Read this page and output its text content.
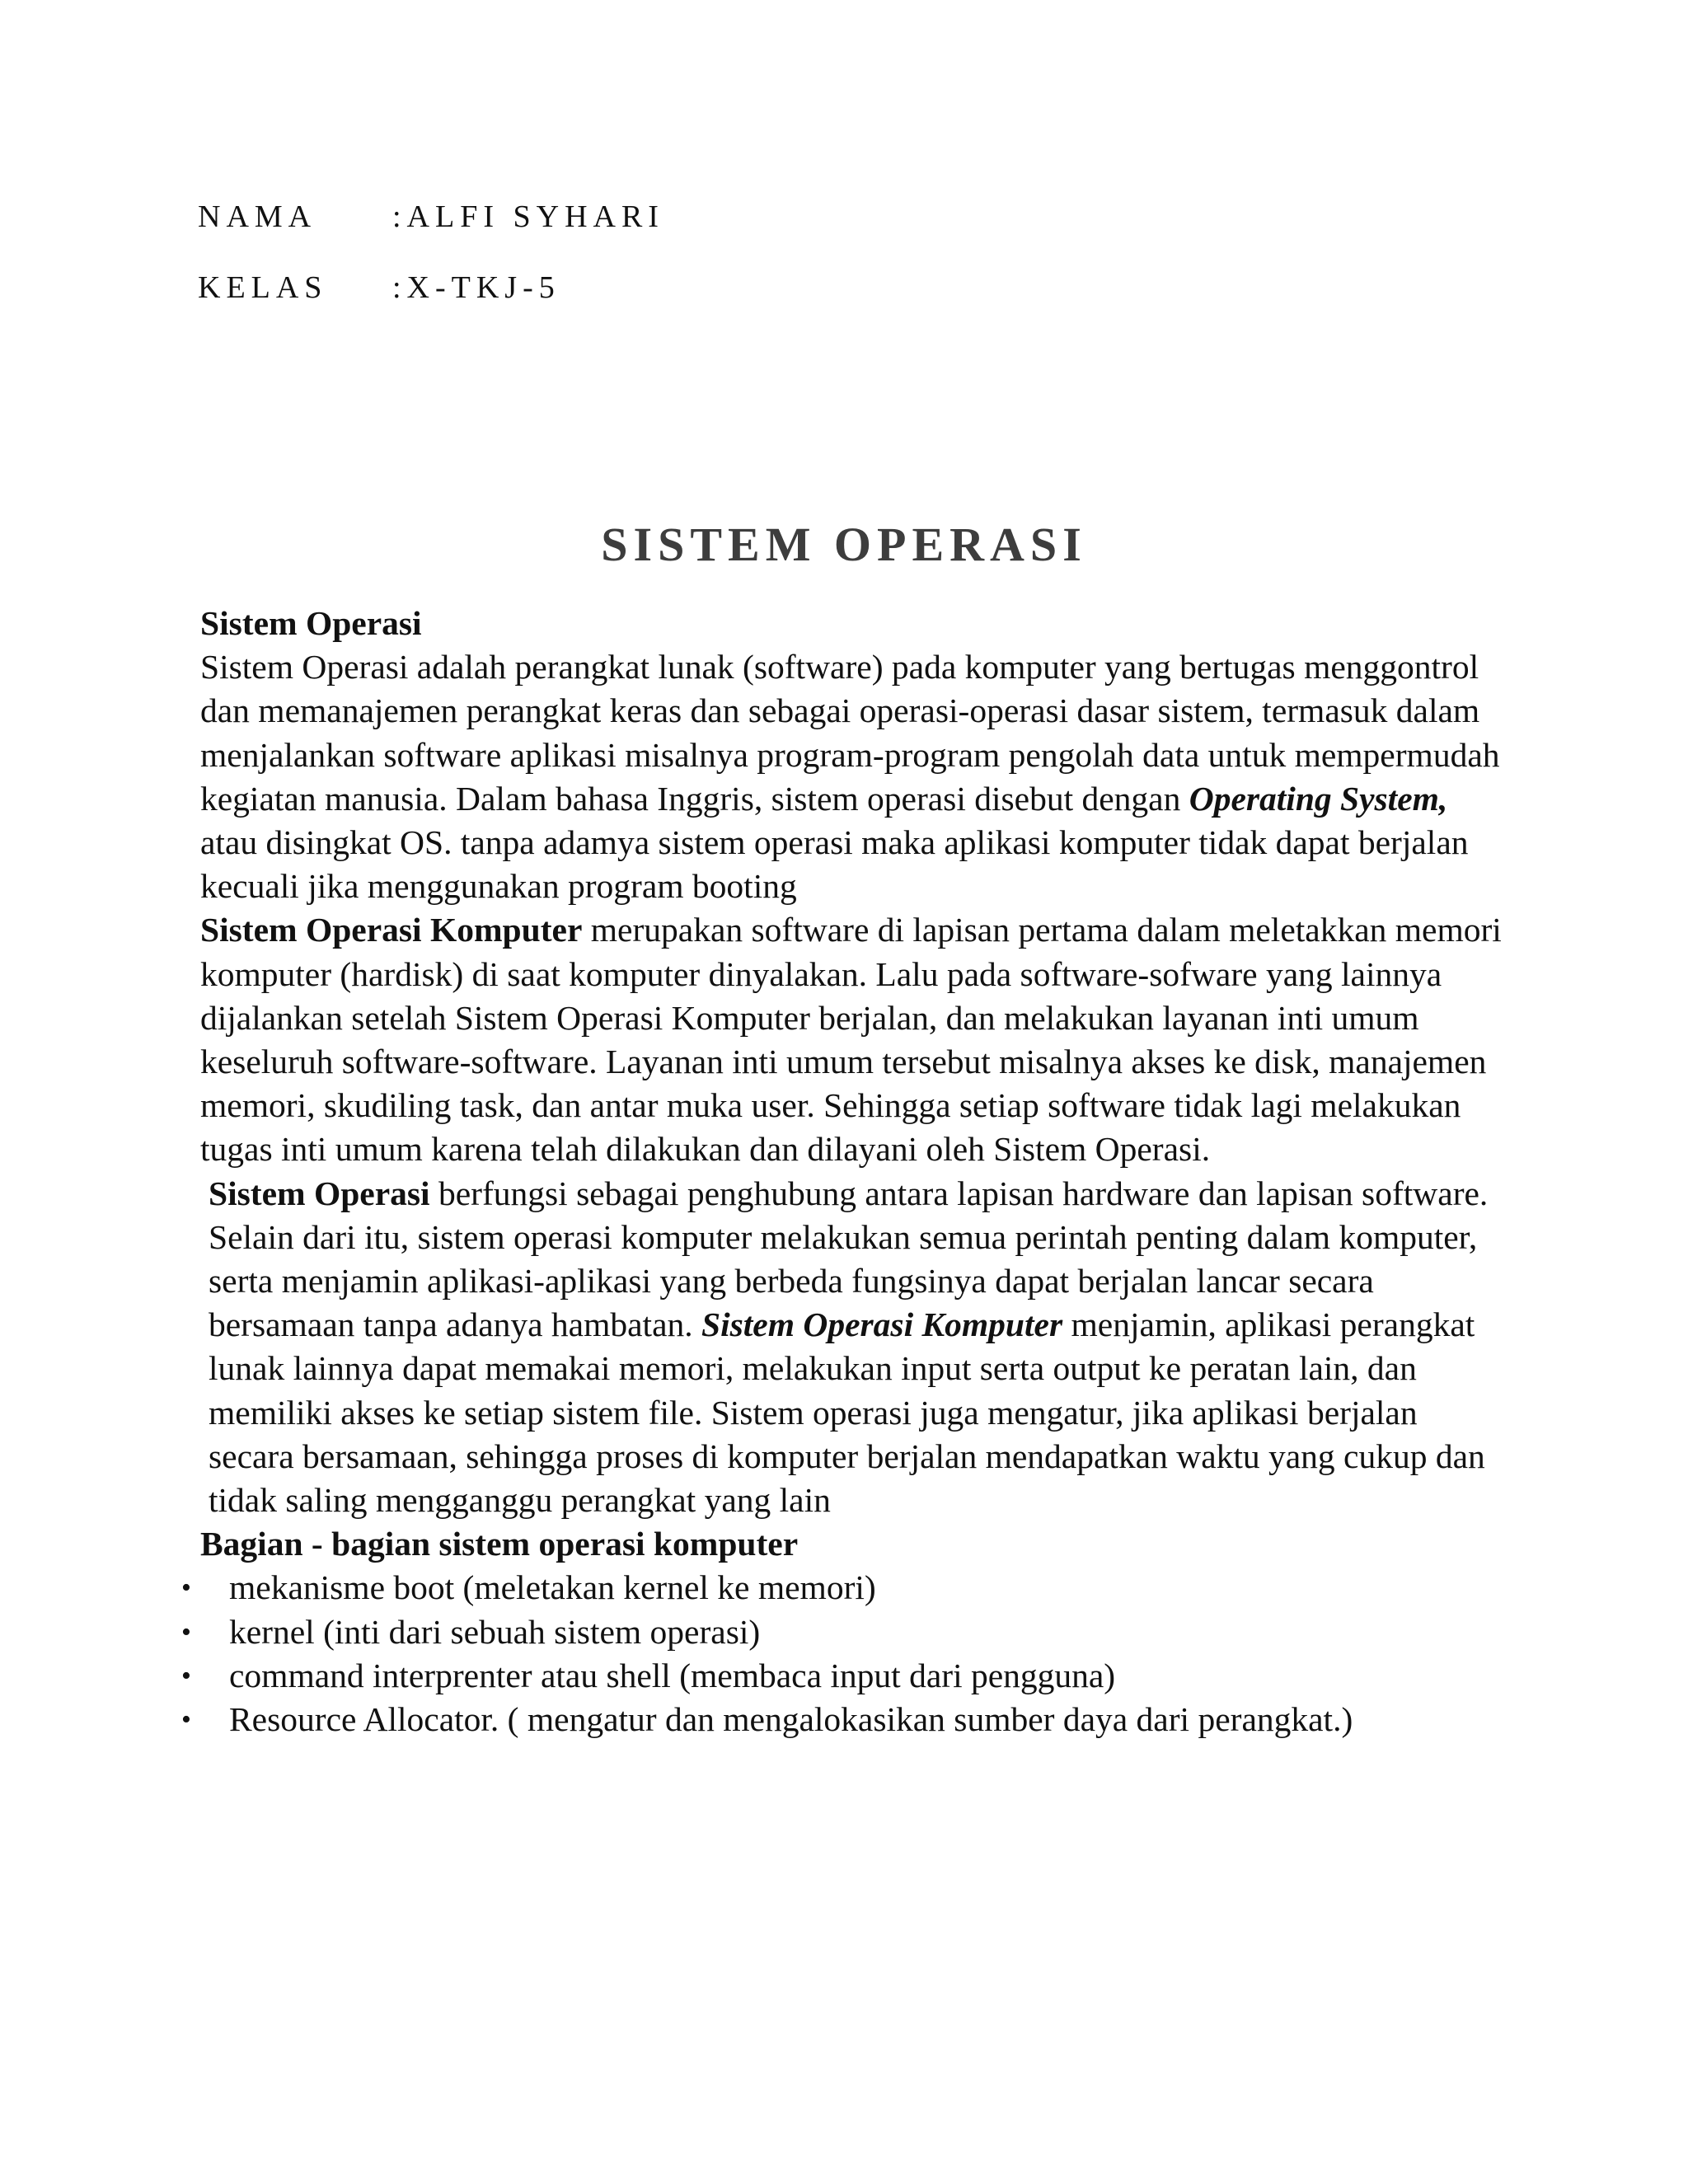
NAMA :ALFI SYHARI
KELAS :X-TKJ-5
SISTEM OPERASI

Sistem Operasi

Sistem Operasi adalah perangkat lunak (software) pada komputer yang bertugas menggontrol dan memanajemen perangkat keras dan sebagai operasi-operasi dasar sistem, termasuk dalam menjalankan software aplikasi misalnya program-program pengolah data untuk mempermudah kegiatan manusia. Dalam bahasa Inggris, sistem operasi disebut dengan Operating System, atau disingkat OS. tanpa adamya sistem operasi maka aplikasi komputer tidak dapat berjalan kecuali jika menggunakan program booting

Sistem Operasi Komputer merupakan software di lapisan pertama dalam meletakkan memori komputer (hardisk) di saat komputer dinyalakan. Lalu pada software-sofware yang lainnya dijalankan setelah Sistem Operasi Komputer berjalan, dan melakukan layanan inti umum keseluruh software-software. Layanan inti umum tersebut misalnya akses ke disk, manajemen memori, skudiling task, dan antar muka user. Sehingga setiap software tidak lagi melakukan tugas inti umum karena telah dilakukan dan dilayani oleh Sistem Operasi.

Sistem Operasi berfungsi sebagai penghubung antara lapisan hardware dan lapisan software. Selain dari itu, sistem operasi komputer melakukan semua perintah penting dalam komputer, serta menjamin aplikasi-aplikasi yang berbeda fungsinya dapat berjalan lancar secara bersamaan tanpa adanya hambatan. Sistem Operasi Komputer menjamin, aplikasi perangkat lunak lainnya dapat memakai memori, melakukan input serta output ke peratan lain, dan memiliki akses ke setiap sistem file. Sistem operasi juga mengatur, jika aplikasi berjalan secara bersamaan, sehingga proses di komputer berjalan mendapatkan waktu yang cukup dan tidak saling mengganggu perangkat yang lain

Bagian - bagian sistem operasi komputer

• mekanisme boot (meletakan kernel ke memori)
• kernel (inti dari sebuah sistem operasi)
• command interprenter atau shell (membaca input dari pengguna)
• Resource Allocator. ( mengatur dan mengalokasikan sumber daya dari perangkat.)
